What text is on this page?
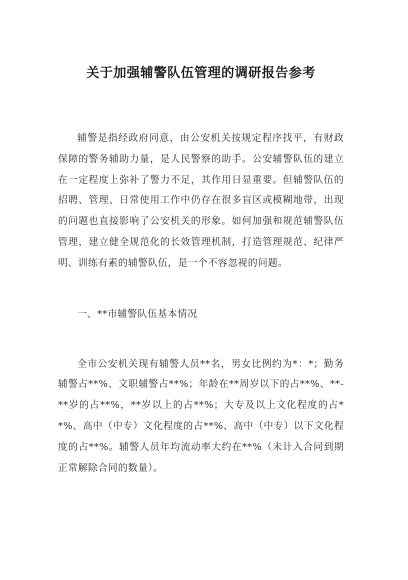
关于加强辅警队伍管理的调研报告参考

辅警是指经政府同意，由公安机关按规定程序找平，有财政保障的警务辅助力量，是人民警察的助手。公安辅警队伍的建立在一定程度上弥补了警力不足，其作用日显重要。但辅警队伍的招聘、管理、日常使用工作中仍存在很多盲区或模糊地带，出现的问题也直接影响了公安机关的形象。如何加强和规范辅警队伍管理，建立健全规范化的长效管理机制，打造管理规范、纪律严明、训练有素的辅警队伍，是一个不容忽视的问题。

一、**市辅警队伍基本情况

全市公安机关现有辅警人员**名，男女比例约为*：*；勤务辅警占**%、文职辅警占**%；年龄在**周岁以下的占**%、**-**岁的占**%，**岁以上的占**%；大专及以上文化程度的占**%、高中（中专）文化程度的占**%、高中（中专）以下文化程度的占**%。辅警人员年均流动率大约在**%（未计入合同到期正常解除合同的数量）。
